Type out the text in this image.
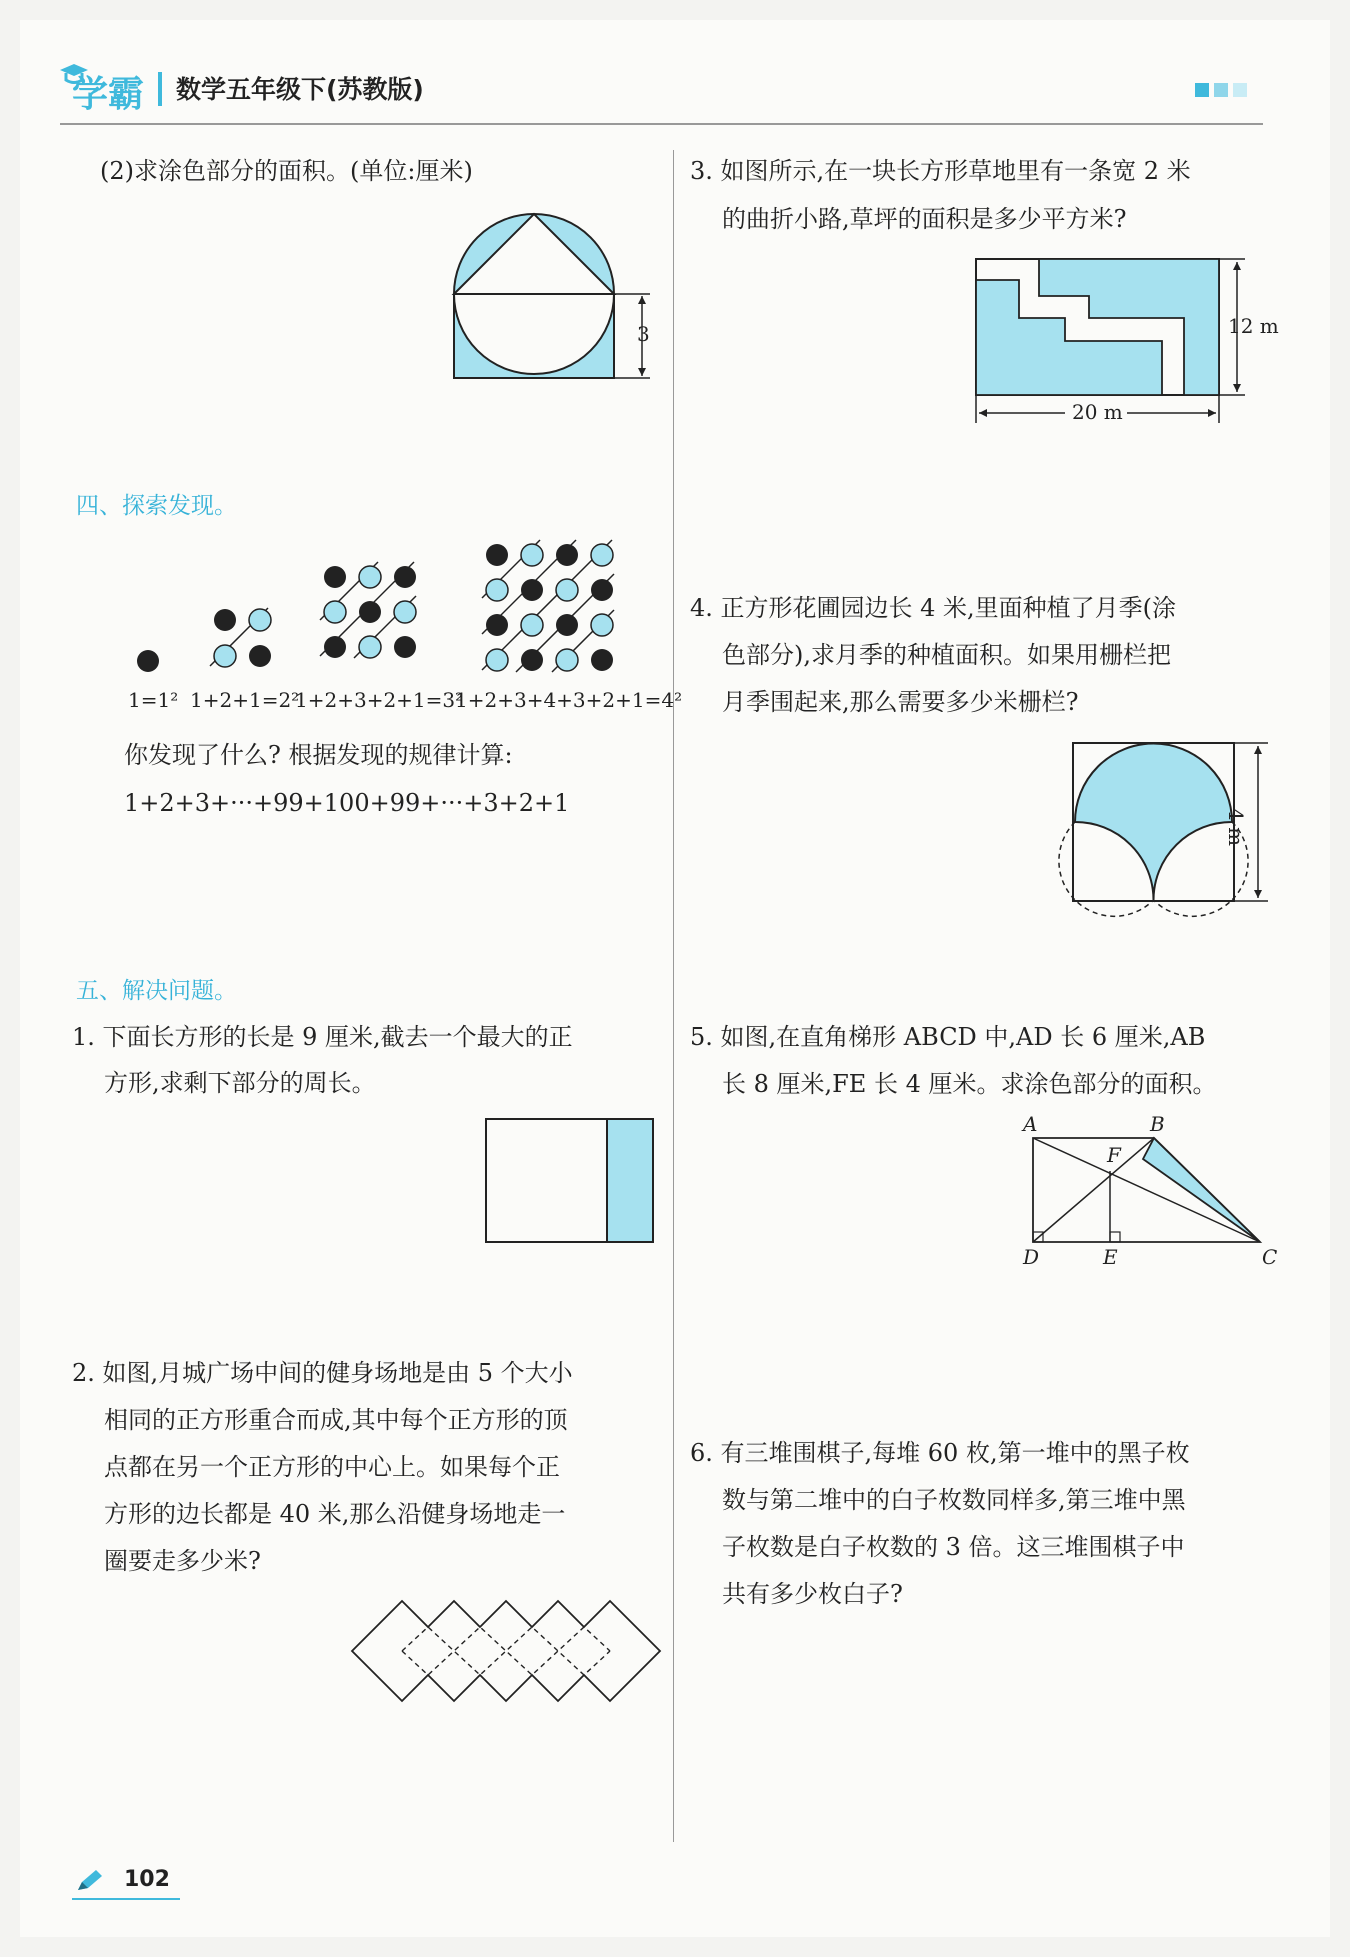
学霸 数学五年级下(苏教版)
(2)求涂色部分的面积。(单位:厘米)
3
四、探索发现。
1=1² 1+2+1=2²
1+2+3+2+1=3²
1+2+3+4+3+2+1=4²
你发现了什么? 根据发现的规律计算:
1+2+3+···+99+100+99+···+3+2+1
五、解决问题。
1. 下面长方形的长是 9 厘米,截去一个最大的正
方形,求剩下部分的周长。
2. 如图,月城广场中间的健身场地是由 5 个大小
相同的正方形重合而成,其中每个正方形的顶
点都在另一个正方形的中心上。如果每个正
方形的边长都是 40 米,那么沿健身场地走一
圈要走多少米?
3. 如图所示,在一块长方形草地里有一条宽 2 米
的曲折小路,草坪的面积是多少平方米?
12 m
20 m
4. 正方形花圃园边长 4 米,里面种植了月季(涂
色部分),求月季的种植面积。如果用栅栏把
月季围起来,那么需要多少米栅栏?
4 m
5. 如图,在直角梯形 ABCD 中,AD 长 6 厘米,AB
长 8 厘米,FE 长 4 厘米。求涂色部分的面积。
A	B
F
D	E	C
6. 有三堆围棋子,每堆 60 枚,第一堆中的黑子枚
数与第二堆中的白子枚数同样多,第三堆中黑
子枚数是白子枚数的 3 倍。这三堆围棋子中
共有多少枚白子?
102
